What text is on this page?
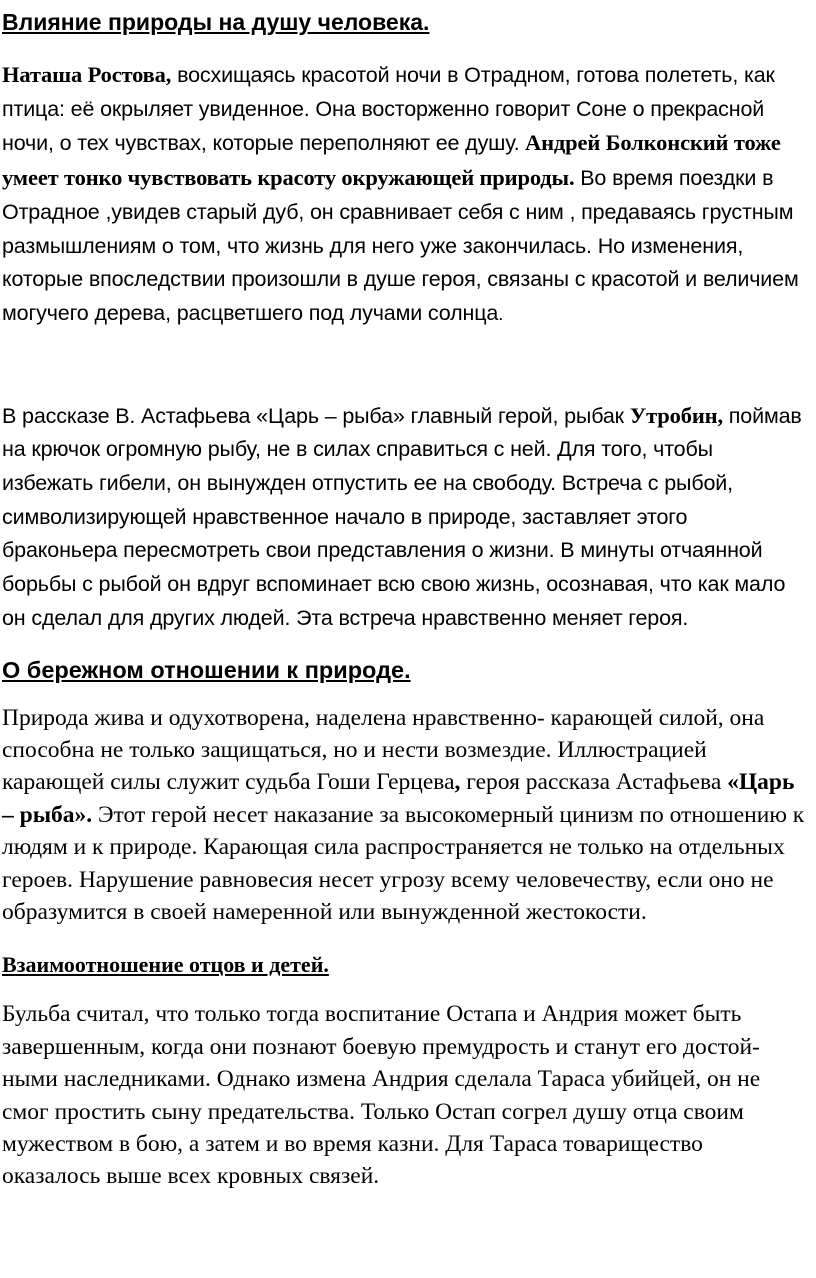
Влияние природы на душу человека.

Наташа Ростова, восхищаясь красотой ночи в Отрадном, готова полететь, как птица: её окрыляет увиденное. Она восторженно говорит Соне о прекрасной ночи, о тех чувствах, которые переполняют ее душу. Андрей Болконский тоже умеет тонко чувствовать красоту окружающей природы. Во время поездки в Отрадное ,увидев старый дуб, он сравнивает себя с ним , предаваясь грустным размышлениям о том, что жизнь для него уже закончилась. Но изменения, которые впоследствии произошли в душе героя, связаны с красотой и величием могучего дерева, расцветшего под лучами солнца.

В рассказе В. Астафьева «Царь – рыба» главный герой, рыбак Утробин, поймав на крючок огромную рыбу, не в силах справиться с ней. Для того, чтобы избежать гибели, он вынужден отпустить ее на свободу. Встреча с рыбой, символизирующей нравственное начало в природе, заставляет этого браконьера пересмотреть свои представления о жизни. В минуты отчаянной борьбы с рыбой он вдруг вспоминает всю свою жизнь, осознавая, что как мало он сделал для других людей. Эта встреча нравственно меняет героя.

О бережном отношении к природе.

Природа жива и одухотворена, наделена нравственно- карающей силой, она способна не только защищаться, но и нести возмездие. Иллюстрацией карающей силы служит судьба Гоши Герцева, героя рассказа Астафьева «Царь – рыба». Этот герой несет наказание за высокомерный цинизм по отношению к людям и к природе. Карающая сила распространяется не только на отдельных героев. Нарушение равновесия несет угрозу всему человечеству, если оно не образумится в своей намеренной или вынужденной жестокости.

Взаимоотношение отцов и детей.
Бульба считал, что только тогда воспитание Остапа и Андрия может быть
завершенным, когда они познают боевую премудрость и станут его достой-
ными наследниками. Однако измена Андрия сделала Тараса убийцей, он не
смог простить сыну предательства. Только Остап согрел душу отца своим
мужеством в бою, а затем и во время казни. Для Тараса товарищество
оказалось выше всех кровных связей.
